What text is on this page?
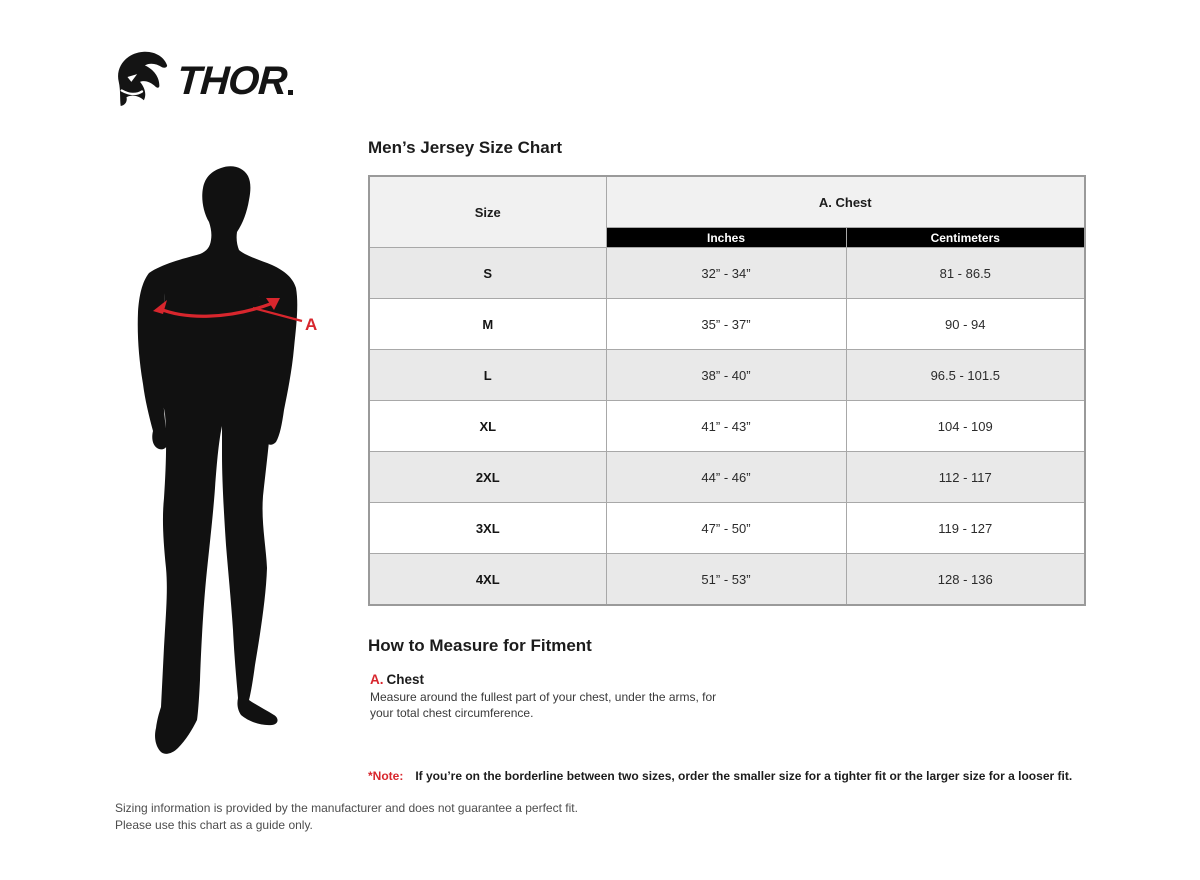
THOR
A
Men’s Jersey Size Chart
Size	A. Chest	
	Inches	Centimeters
S	32” - 34”	81 - 86.5
M	35” - 37”	90 - 94
L	38” - 40”	96.5 - 101.5
XL	41” - 43”	104 - 109
2XL	44” - 46”	112 - 117
3XL	47” - 50”	119 - 127
4XL	51” - 53”	128 - 136
How to Measure for Fitment

A. Chest

Measure around the fullest part of your chest, under the arms, for your total chest circumference.

*Note: If you’re on the borderline between two sizes, order the smaller size for a tighter fit or the larger size for a looser fit.
Sizing information is provided by the manufacturer and does not guarantee a perfect fit.
Please use this chart as a guide only.
